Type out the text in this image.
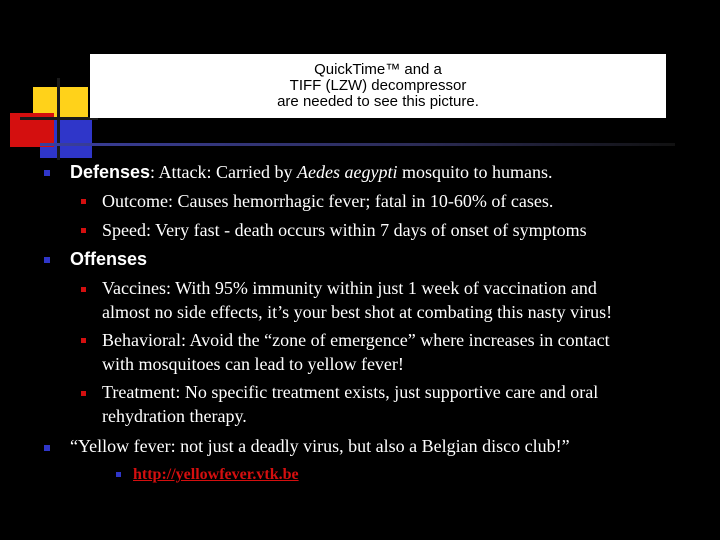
QuickTime™ and a
TIFF (LZW) decompressor
are needed to see this picture.
Defenses: Attack: Carried by Aedes aegypti mosquito to humans.
Outcome: Causes hemorrhagic fever; fatal in 10-60% of cases.
Speed: Very fast - death occurs within 7 days of onset of symptoms
Offenses
Vaccines: With 95% immunity within just 1 week of vaccination and
almost no side effects, it’s your best shot at combating this nasty virus!
Behavioral: Avoid the “zone of emergence” where increases in contact
with mosquitoes can lead to yellow fever!
Treatment: No specific treatment exists, just supportive care and oral
rehydration therapy.
“Yellow fever: not just a deadly virus, but also a Belgian disco club!”
http://yellowfever.vtk.be
